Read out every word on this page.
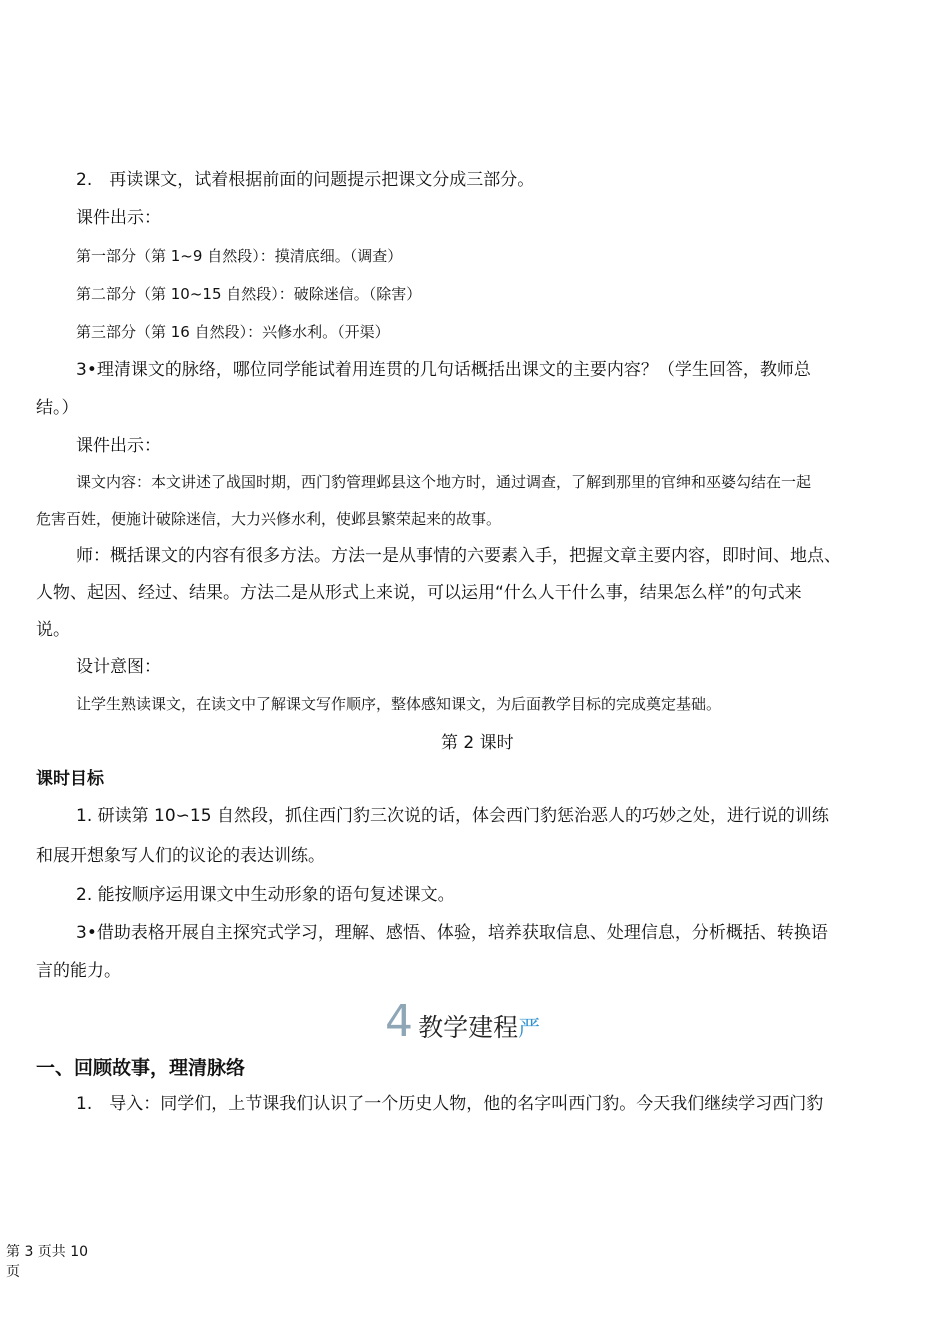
2.　再读课文，试着根据前面的问题提示把课文分成三部分。
课件出示：
第一部分（第 1~9 自然段）：摸清底细。（调查）
第二部分（第 10~15 自然段）：破除迷信。（除害）
第三部分（第 16 自然段）：兴修水利。（开渠）
3•理清课文的脉络，哪位同学能试着用连贯的几句话概括出课文的主要内容？（学生回答，教师总
结。）
课件出示：
课文内容：本文讲述了战国时期，西门豹管理邺县这个地方时，通过调查，了解到那里的官绅和巫婆勾结在一起
危害百姓，便施计破除迷信，大力兴修水利，使邺县繁荣起来的故事。
师：概括课文的内容有很多方法。方法一是从事情的六要素入手，把握文章主要内容，即时间、地点、
人物、起因、经过、结果。方法二是从形式上来说，可以运用“什么人干什么事，结果怎么样”的句式来
说。
设计意图：
让学生熟读课文，在读文中了解课文写作顺序，整体感知课文，为后面教学目标的完成奠定基础。
第 2 课时
课时目标
1. 研读第 10∽15 自然段，抓住西门豹三次说的话，体会西门豹惩治恶人的巧妙之处，进行说的训练
和展开想象写人们的议论的表达训练。
2. 能按顺序运用课文中生动形象的语句复述课文。
3•借助表格开展自主探究式学习，理解、感悟、体验，培养获取信息、处理信息，分析概括、转换语
言的能力。
4 教学建程严
一、回顾故事，理清脉络
1.　导入：同学们，上节课我们认识了一个历史人物，他的名字叫西门豹。今天我们继续学习西门豹
第 3 页共 10
页
